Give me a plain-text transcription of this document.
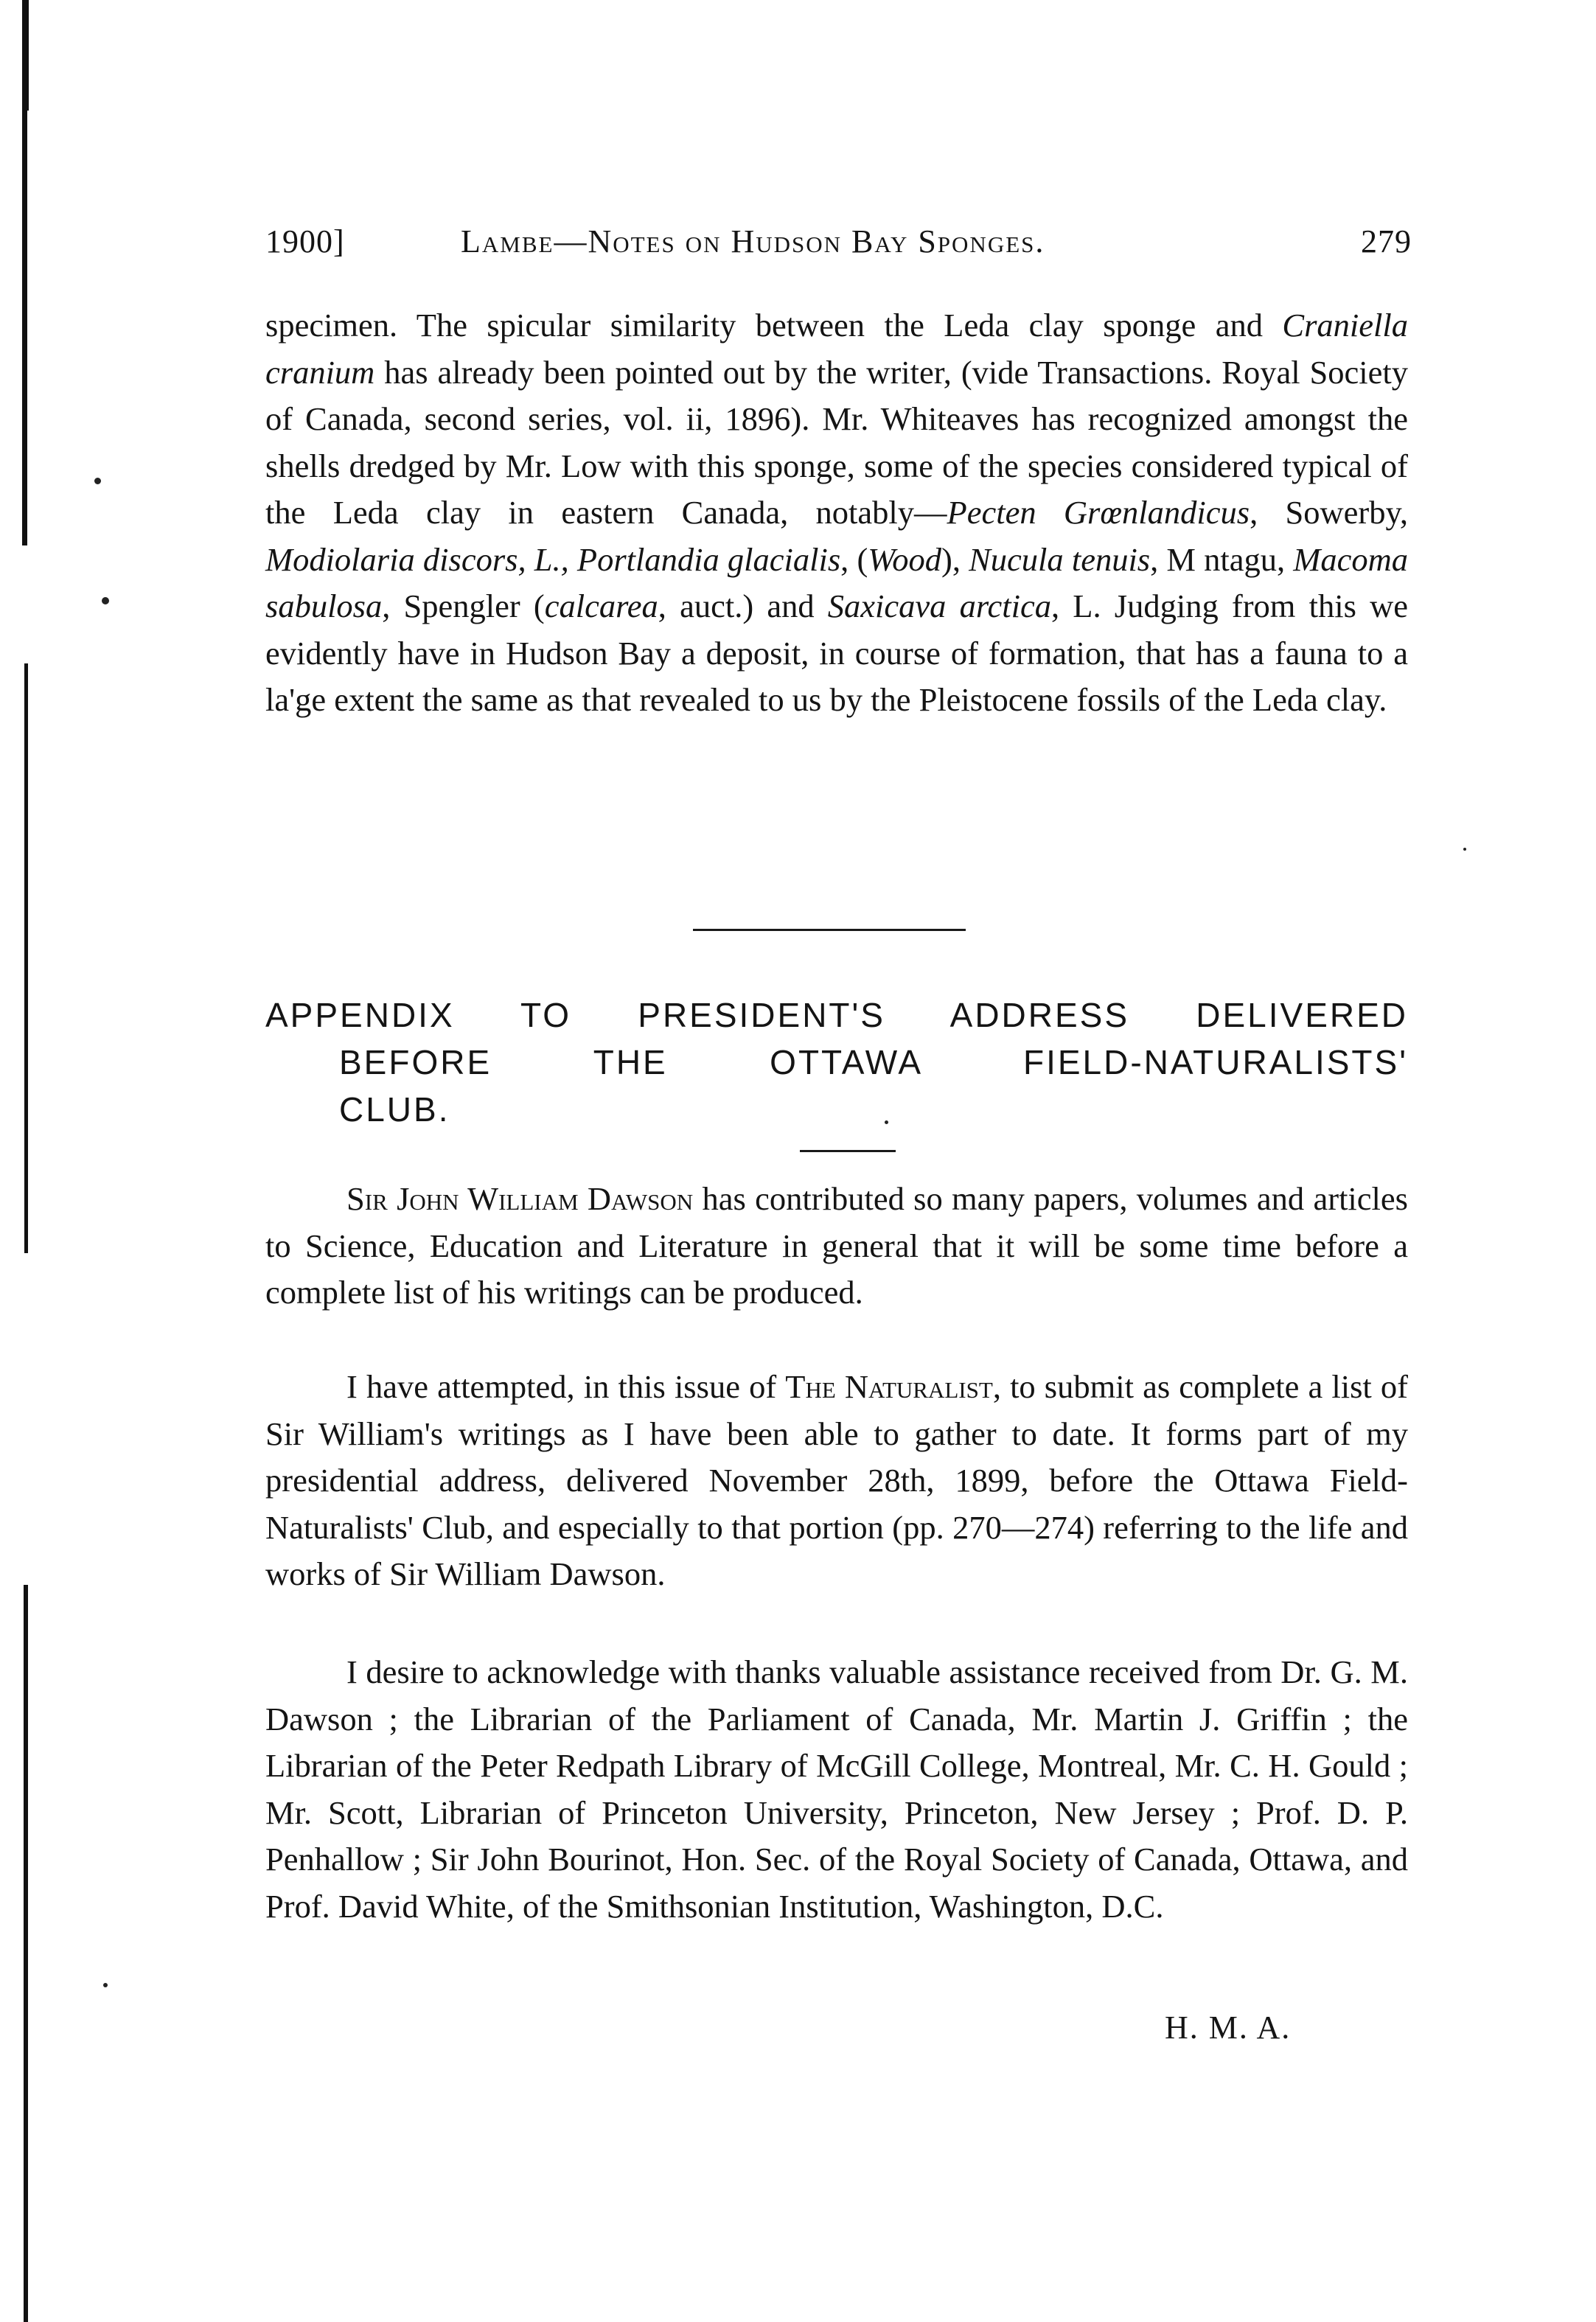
1900]	Lambe—Notes on Hudson Bay Sponges.	279
specimen. The spicular similarity between the Leda clay sponge and Craniella cranium has already been pointed out by the writer, (vide Transactions. Royal Society of Canada, second series, vol. ii, 1896). Mr. Whiteaves has recognized amongst the shells dredged by Mr. Low with this sponge, some of the species considered typical of the Leda clay in eastern Canada, notably—Pecten Grœnlandicus, Sowerby, Modiolaria discors, L., Portlandia glacialis, (Wood), Nucula tenuis, M ntagu, Macoma sabulosa, Spengler (calcarea, auct.) and Saxicava arctica, L. Judging from this we evidently have in Hudson Bay a deposit, in course of formation, that has a fauna to a la'ge extent the same as that revealed to us by the Pleistocene fossils of the Leda clay.
APPENDIX TO PRESIDENT'S ADDRESS DELIVERED
BEFORE THE OTTAWA FIELD-NATURALISTS'
CLUB.
Sir John William Dawson has contributed so many papers, volumes and articles to Science, Education and Literature in general that it will be some time before a complete list of his writings can be produced.
I have attempted, in this issue of The Naturalist, to submit as complete a list of Sir William's writings as I have been able to gather to date. It forms part of my presidential address, delivered November 28th, 1899, before the Ottawa Field-Naturalists' Club, and especially to that portion (pp. 270—274) referring to the life and works of Sir William Dawson.
I desire to acknowledge with thanks valuable assistance received from Dr. G. M. Dawson ; the Librarian of the Parliament of Canada, Mr. Martin J. Griffin ; the Librarian of the Peter Redpath Library of McGill College, Montreal, Mr. C. H. Gould ; Mr. Scott, Librarian of Princeton University, Princeton, New Jersey ; Prof. D. P. Penhallow ; Sir John Bourinot, Hon. Sec. of the Royal Society of Canada, Ottawa, and Prof. David White, of the Smithsonian Institution, Washington, D.C.
H. M. A.
